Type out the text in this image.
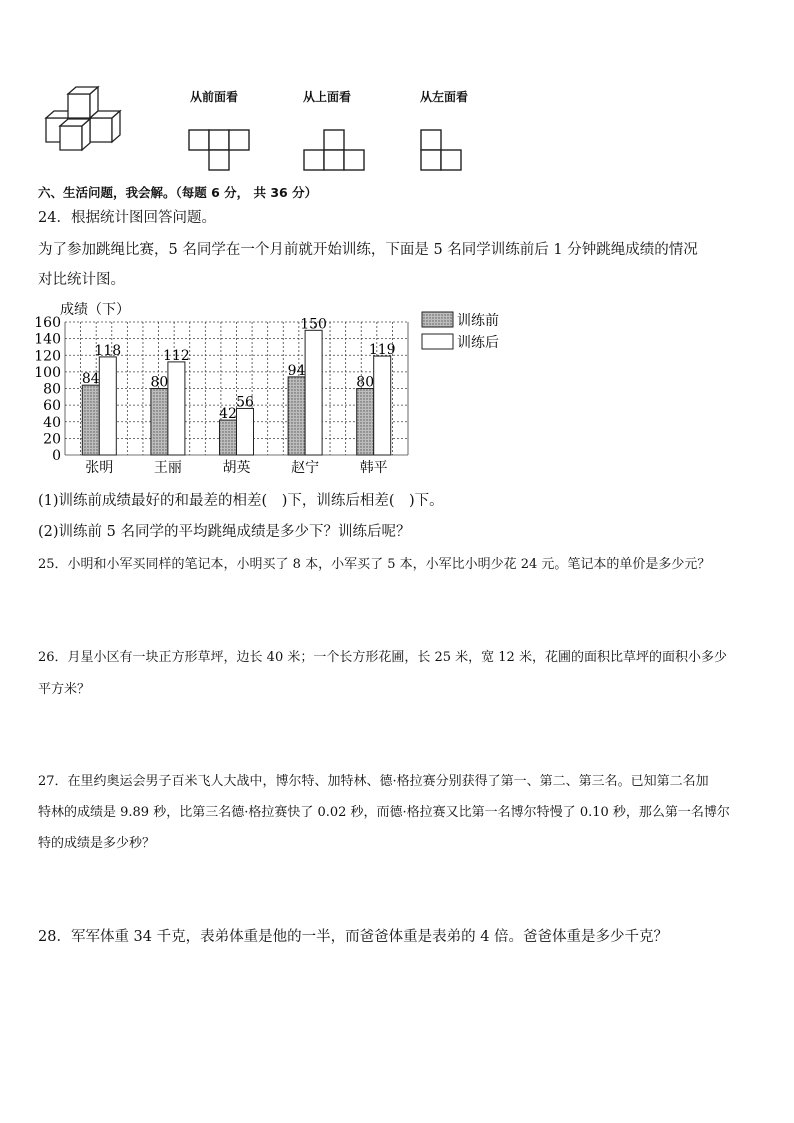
从前面看	从上面看	从左面看
六、生活问题，我会解。（每题 6 分， 共 36 分）
24．根据统计图回答问题。
为了参加跳绳比赛，5 名同学在一个月前就开始训练，下面是 5 名同学训练前后 1 分钟跳绳成绩的情况
对比统计图。
成绩（下）
0
20
40
60
80
100
120
140
160
84
118
80
112
42
56
94
150
80
119
张明	王丽	胡英	赵宁	韩平
训练前
训练后
(1)训练前成绩最好的和最差的相差(　)下，训练后相差(　)下。
(2)训练前 5 名同学的平均跳绳成绩是多少下？训练后呢？
25．小明和小军买同样的笔记本，小明买了 8 本，小军买了 5 本，小军比小明少花 24 元。笔记本的单价是多少元？
26．月星小区有一块正方形草坪，边长 40 米；一个长方形花圃，长 25 米，宽 12 米，花圃的面积比草坪的面积小多少
平方米？
27．在里约奥运会男子百米飞人大战中，博尔特、加特林、德·格拉赛分别获得了第一、第二、第三名。已知第二名加
特林的成绩是 9.89 秒，比第三名德·格拉赛快了 0.02 秒，而德·格拉赛又比第一名博尔特慢了 0.10 秒，那么第一名博尔
特的成绩是多少秒？
28．军军体重 34 千克，表弟体重是他的一半，而爸爸体重是表弟的 4 倍。爸爸体重是多少千克？
